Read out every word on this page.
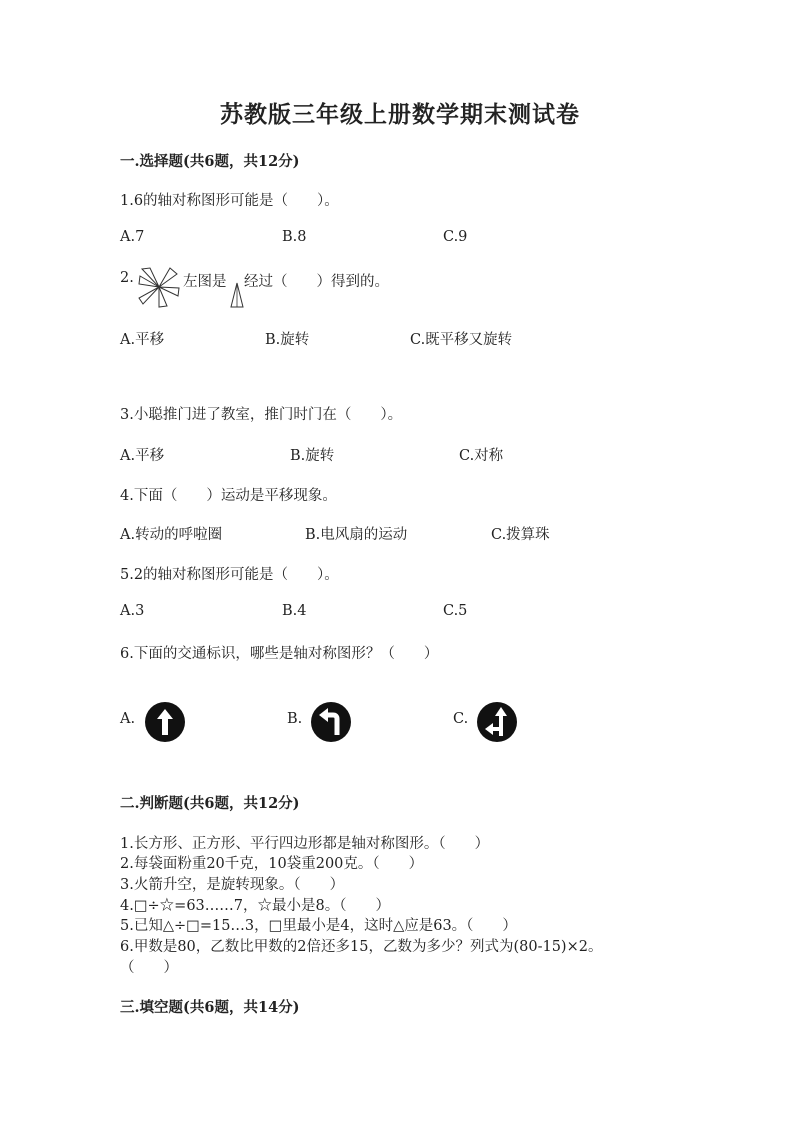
苏教版三年级上册数学期末测试卷
一.选择题(共6题，共12分)
1.6的轴对称图形可能是（　　）。
A.7	B.8	C.9
2.	左图是 经过（　　）得到的。
A.平移	B.旋转	C.既平移又旋转
3.小聪推门进了教室，推门时门在（　　）。
A.平移	B.旋转	C.对称
4.下面（　　）运动是平移现象。
A.转动的呼啦圈	B.电风扇的运动	C.拨算珠
5.2的轴对称图形可能是（　　）。
A.3	B.4	C.5
6.下面的交通标识，哪些是轴对称图形？（　　）
A.	B.	C.
二.判断题(共6题，共12分)
1.长方形、正方形、平行四边形都是轴对称图形。（　　）
2.每袋面粉重20千克，10袋重200克。（　　）
3.火箭升空，是旋转现象。（　　）
4.□÷☆=63……7，☆最小是8。（　　）
5.已知△÷□=15…3，□里最小是4，这时△应是63。（　　）
6.甲数是80，乙数比甲数的2倍还多15，乙数为多少？列式为(80-15)×2。
（　　）
三.填空题(共6题，共14分)
